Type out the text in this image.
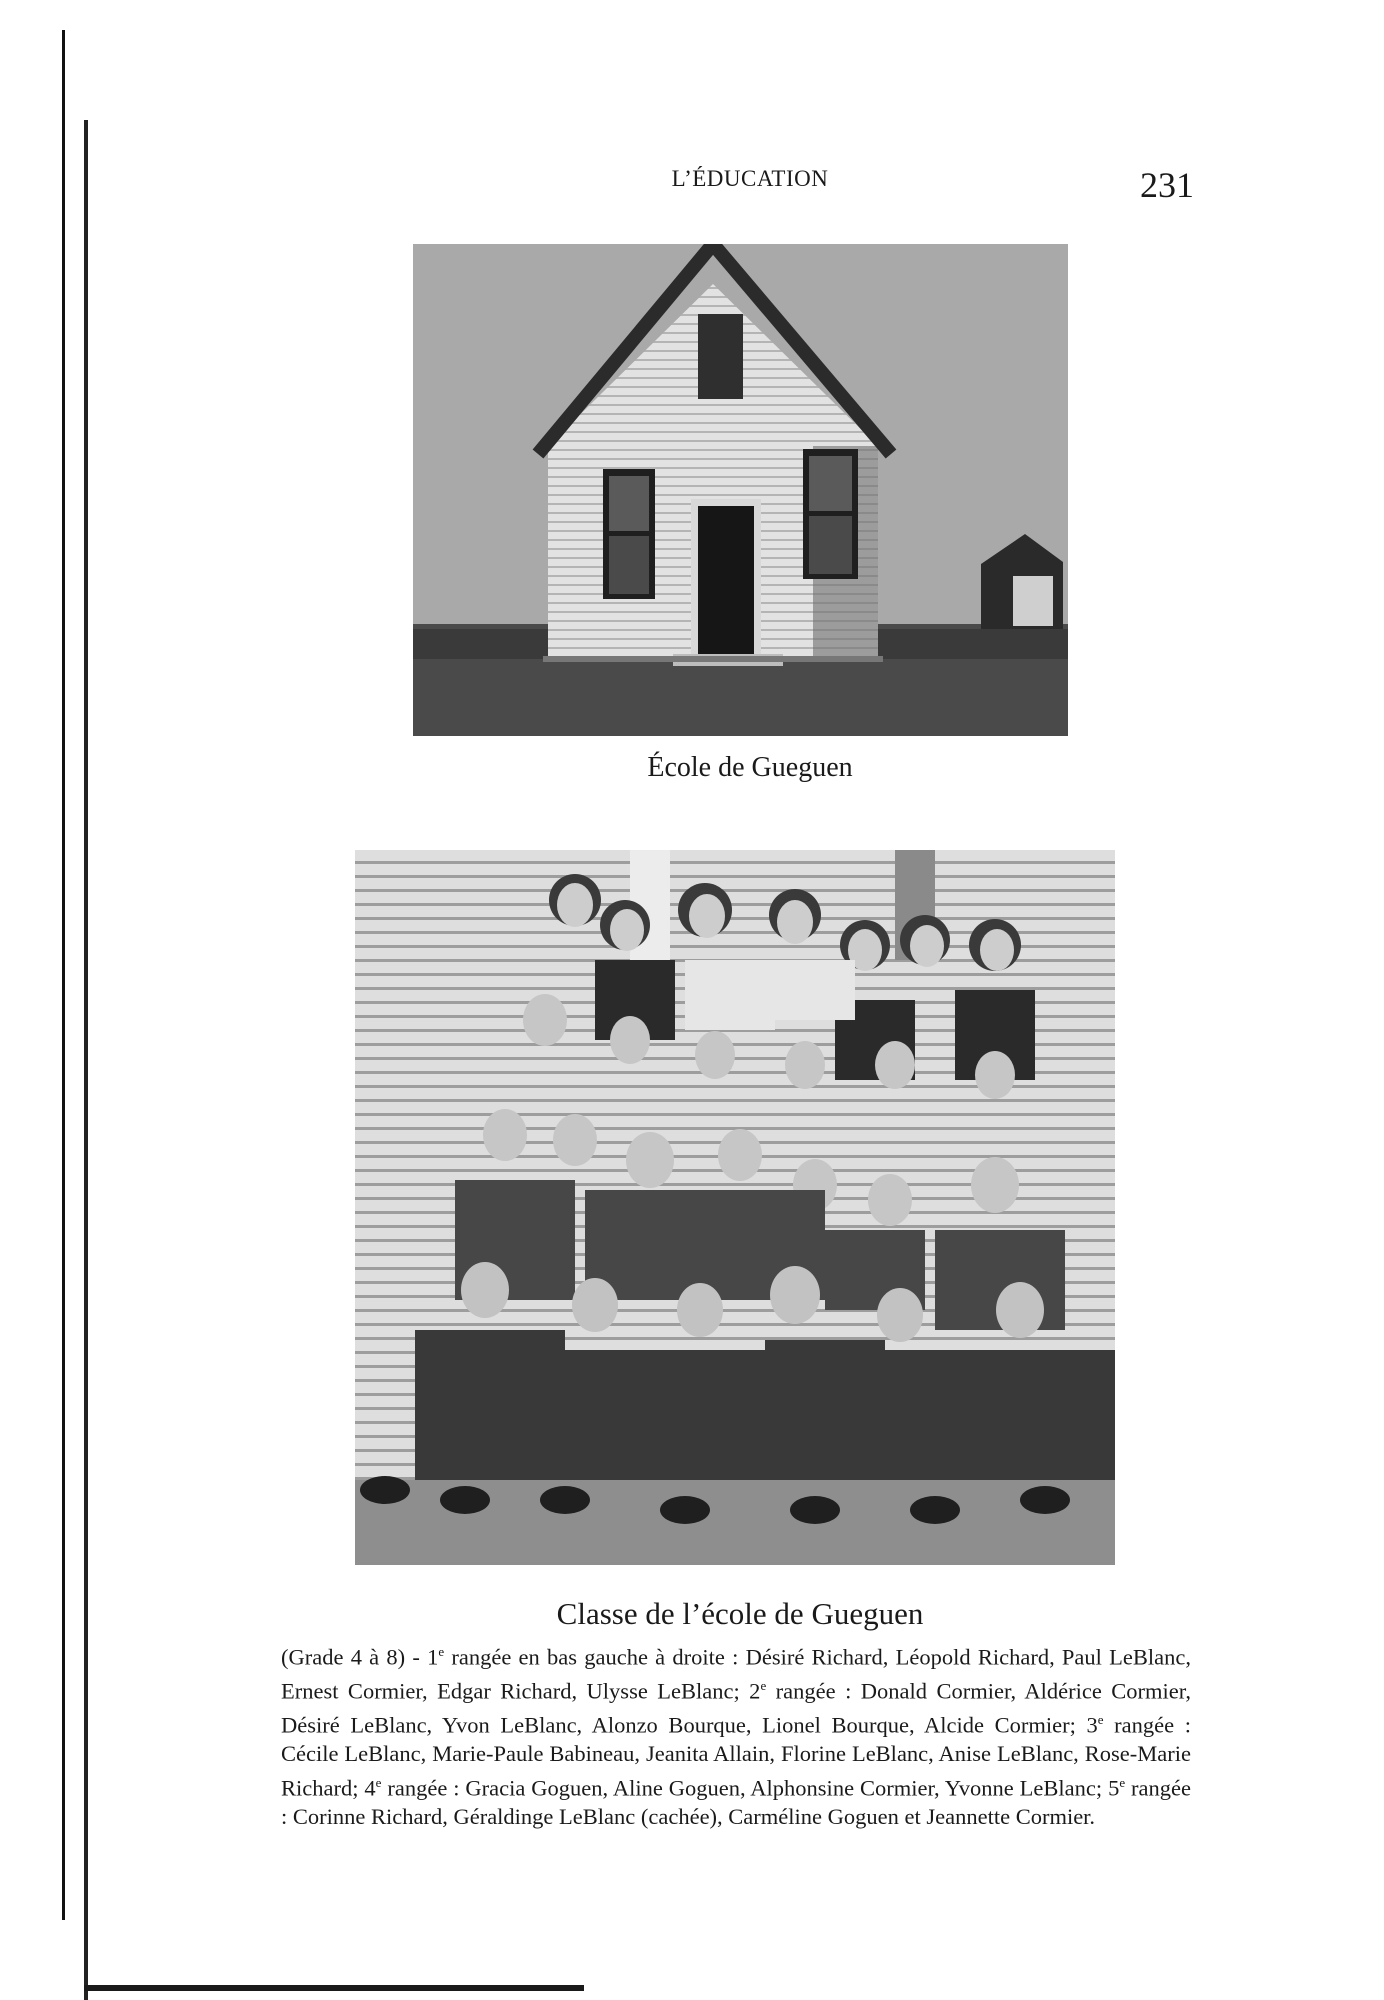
L’ÉDUCATION	231
École de Gueguen
Classe de l’école de Gueguen
(Grade 4 à 8) - 1e rangée en bas gauche à droite : Désiré Richard, Léopold Richard, Paul LeBlanc, Ernest Cormier, Edgar Richard, Ulysse LeBlanc; 2e rangée : Donald Cormier, Aldérice Cormier, Désiré LeBlanc, Yvon LeBlanc, Alonzo Bourque, Lionel Bourque, Alcide Cormier; 3e rangée : Cécile LeBlanc, Marie-Paule Babineau, Jeanita Allain, Florine LeBlanc, Anise LeBlanc, Rose-Marie Richard; 4e rangée : Gracia Goguen, Aline Goguen, Alphonsine Cormier, Yvonne LeBlanc; 5e rangée : Corinne Richard, Géraldinge LeBlanc (cachée), Carméline Goguen et Jeannette Cormier.
